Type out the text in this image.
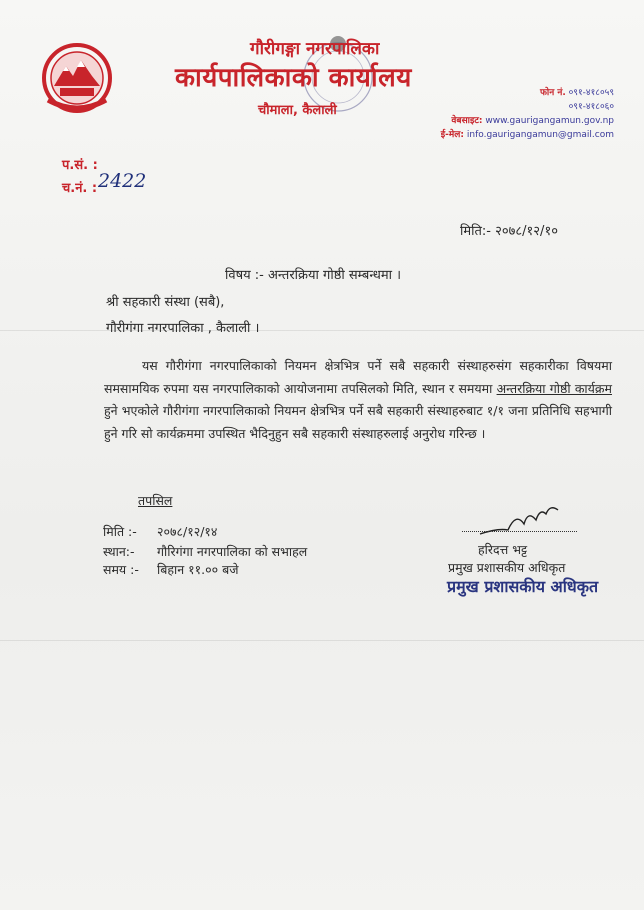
गौरीगङ्गा नगरपालिका
कार्यपालिकाको कार्यालय
चौमाला, कैलाली
फोन नं. ०९१-४१८०५९
०९१-४१८०६०
वेबसाइट: www.gaurigangamun.gov.np
ई-मेल: info.gaurigangamun@gmail.com
प.सं. :
च.नं. : 2422
मिति:- २०७८/१२/१०
विषय :- अन्तरक्रिया गोष्ठी सम्बन्धमा ।
श्री सहकारी संस्था (सबै),
गौरीगंगा नगरपालिका , कैलाली ।
यस गौरीगंगा नगरपालिकाको नियमन क्षेत्रभित्र पर्ने सबै सहकारी संस्थाहरुसंग सहकारीका विषयमा समसामयिक रुपमा यस नगरपालिकाको आयोजनामा तपसिलको मिति, स्थान र समयमा अन्तरक्रिया गोष्ठी कार्यक्रम हुने भएकोले गौरीगंगा नगरपालिकाको नियमन क्षेत्रभित्र पर्ने सबै सहकारी संस्थाहरुबाट १/१ जना प्रतिनिधि सहभागी हुने गरि सो कार्यक्रममा उपस्थित भैदिनुहुन सबै सहकारी संस्थाहरुलाई अनुरोध गरिन्छ ।
तपसिल
मिति :- २०७८/१२/१४
स्थान:- गौरिगंगा नगरपालिका को सभाहल
समय :- बिहान ११.०० बजे
हरिदत्त भट्ट
प्रमुख प्रशासकीय अधिकृत
प्रमुख प्रशासकीय अधिकृत
